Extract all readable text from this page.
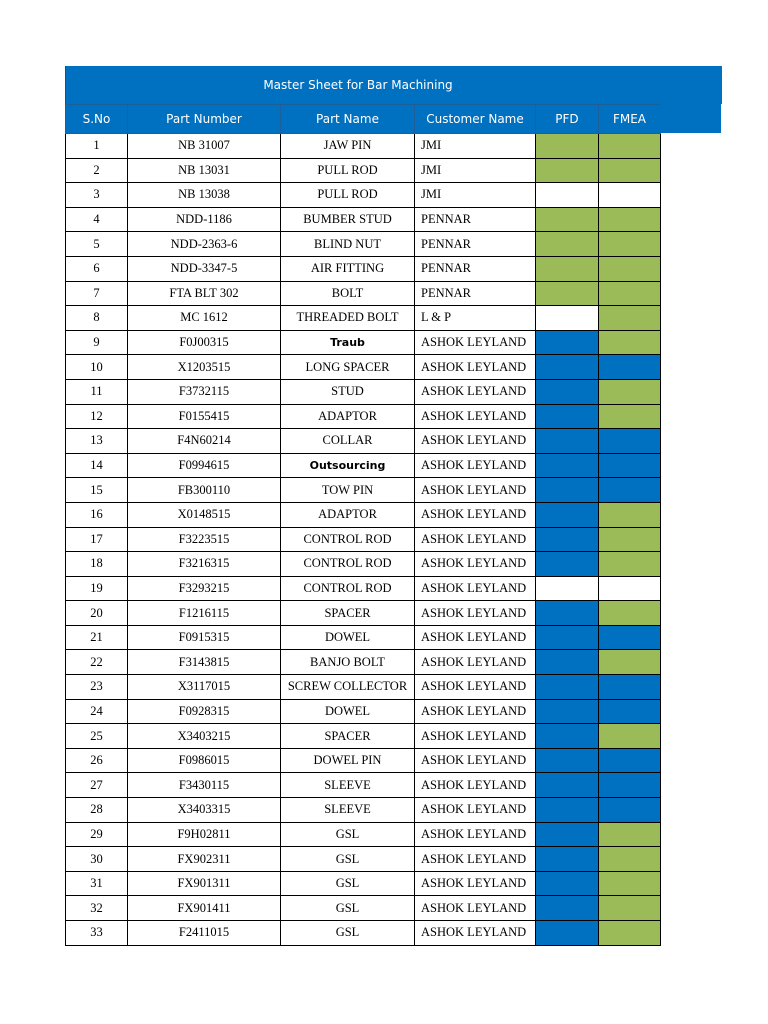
Master Sheet for Bar Machining
S.No	Part Number	Part Name	Customer Name	PFD	FMEA
1	NB 31007	JAW PIN	JMI		
2	NB 13031	PULL ROD	JMI		
3	NB 13038	PULL ROD	JMI		
4	NDD-1186	BUMBER STUD	PENNAR		
5	NDD-2363-6	BLIND NUT	PENNAR		
6	NDD-3347-5	AIR FITTING	PENNAR		
7	FTA BLT 302	BOLT	PENNAR		
8	MC 1612	THREADED BOLT	L & P		
9	F0J00315	Traub	ASHOK LEYLAND		
10	X1203515	LONG SPACER	ASHOK LEYLAND		
11	F3732115	STUD	ASHOK LEYLAND		
12	F0155415	ADAPTOR	ASHOK LEYLAND		
13	F4N60214	COLLAR	ASHOK LEYLAND		
14	F0994615	Outsourcing	ASHOK LEYLAND		
15	FB300110	TOW PIN	ASHOK LEYLAND		
16	X0148515	ADAPTOR	ASHOK LEYLAND		
17	F3223515	CONTROL ROD	ASHOK LEYLAND		
18	F3216315	CONTROL ROD	ASHOK LEYLAND		
19	F3293215	CONTROL ROD	ASHOK LEYLAND		
20	F1216115	SPACER	ASHOK LEYLAND		
21	F0915315	DOWEL	ASHOK LEYLAND		
22	F3143815	BANJO BOLT	ASHOK LEYLAND		
23	X3117015	SCREW COLLECTOR	ASHOK LEYLAND		
24	F0928315	DOWEL	ASHOK LEYLAND		
25	X3403215	SPACER	ASHOK LEYLAND		
26	F0986015	DOWEL PIN	ASHOK LEYLAND		
27	F3430115	SLEEVE	ASHOK LEYLAND		
28	X3403315	SLEEVE	ASHOK LEYLAND		
29	F9H02811	GSL	ASHOK LEYLAND		
30	FX902311	GSL	ASHOK LEYLAND		
31	FX901311	GSL	ASHOK LEYLAND		
32	FX901411	GSL	ASHOK LEYLAND		
33	F2411015	GSL	ASHOK LEYLAND		
